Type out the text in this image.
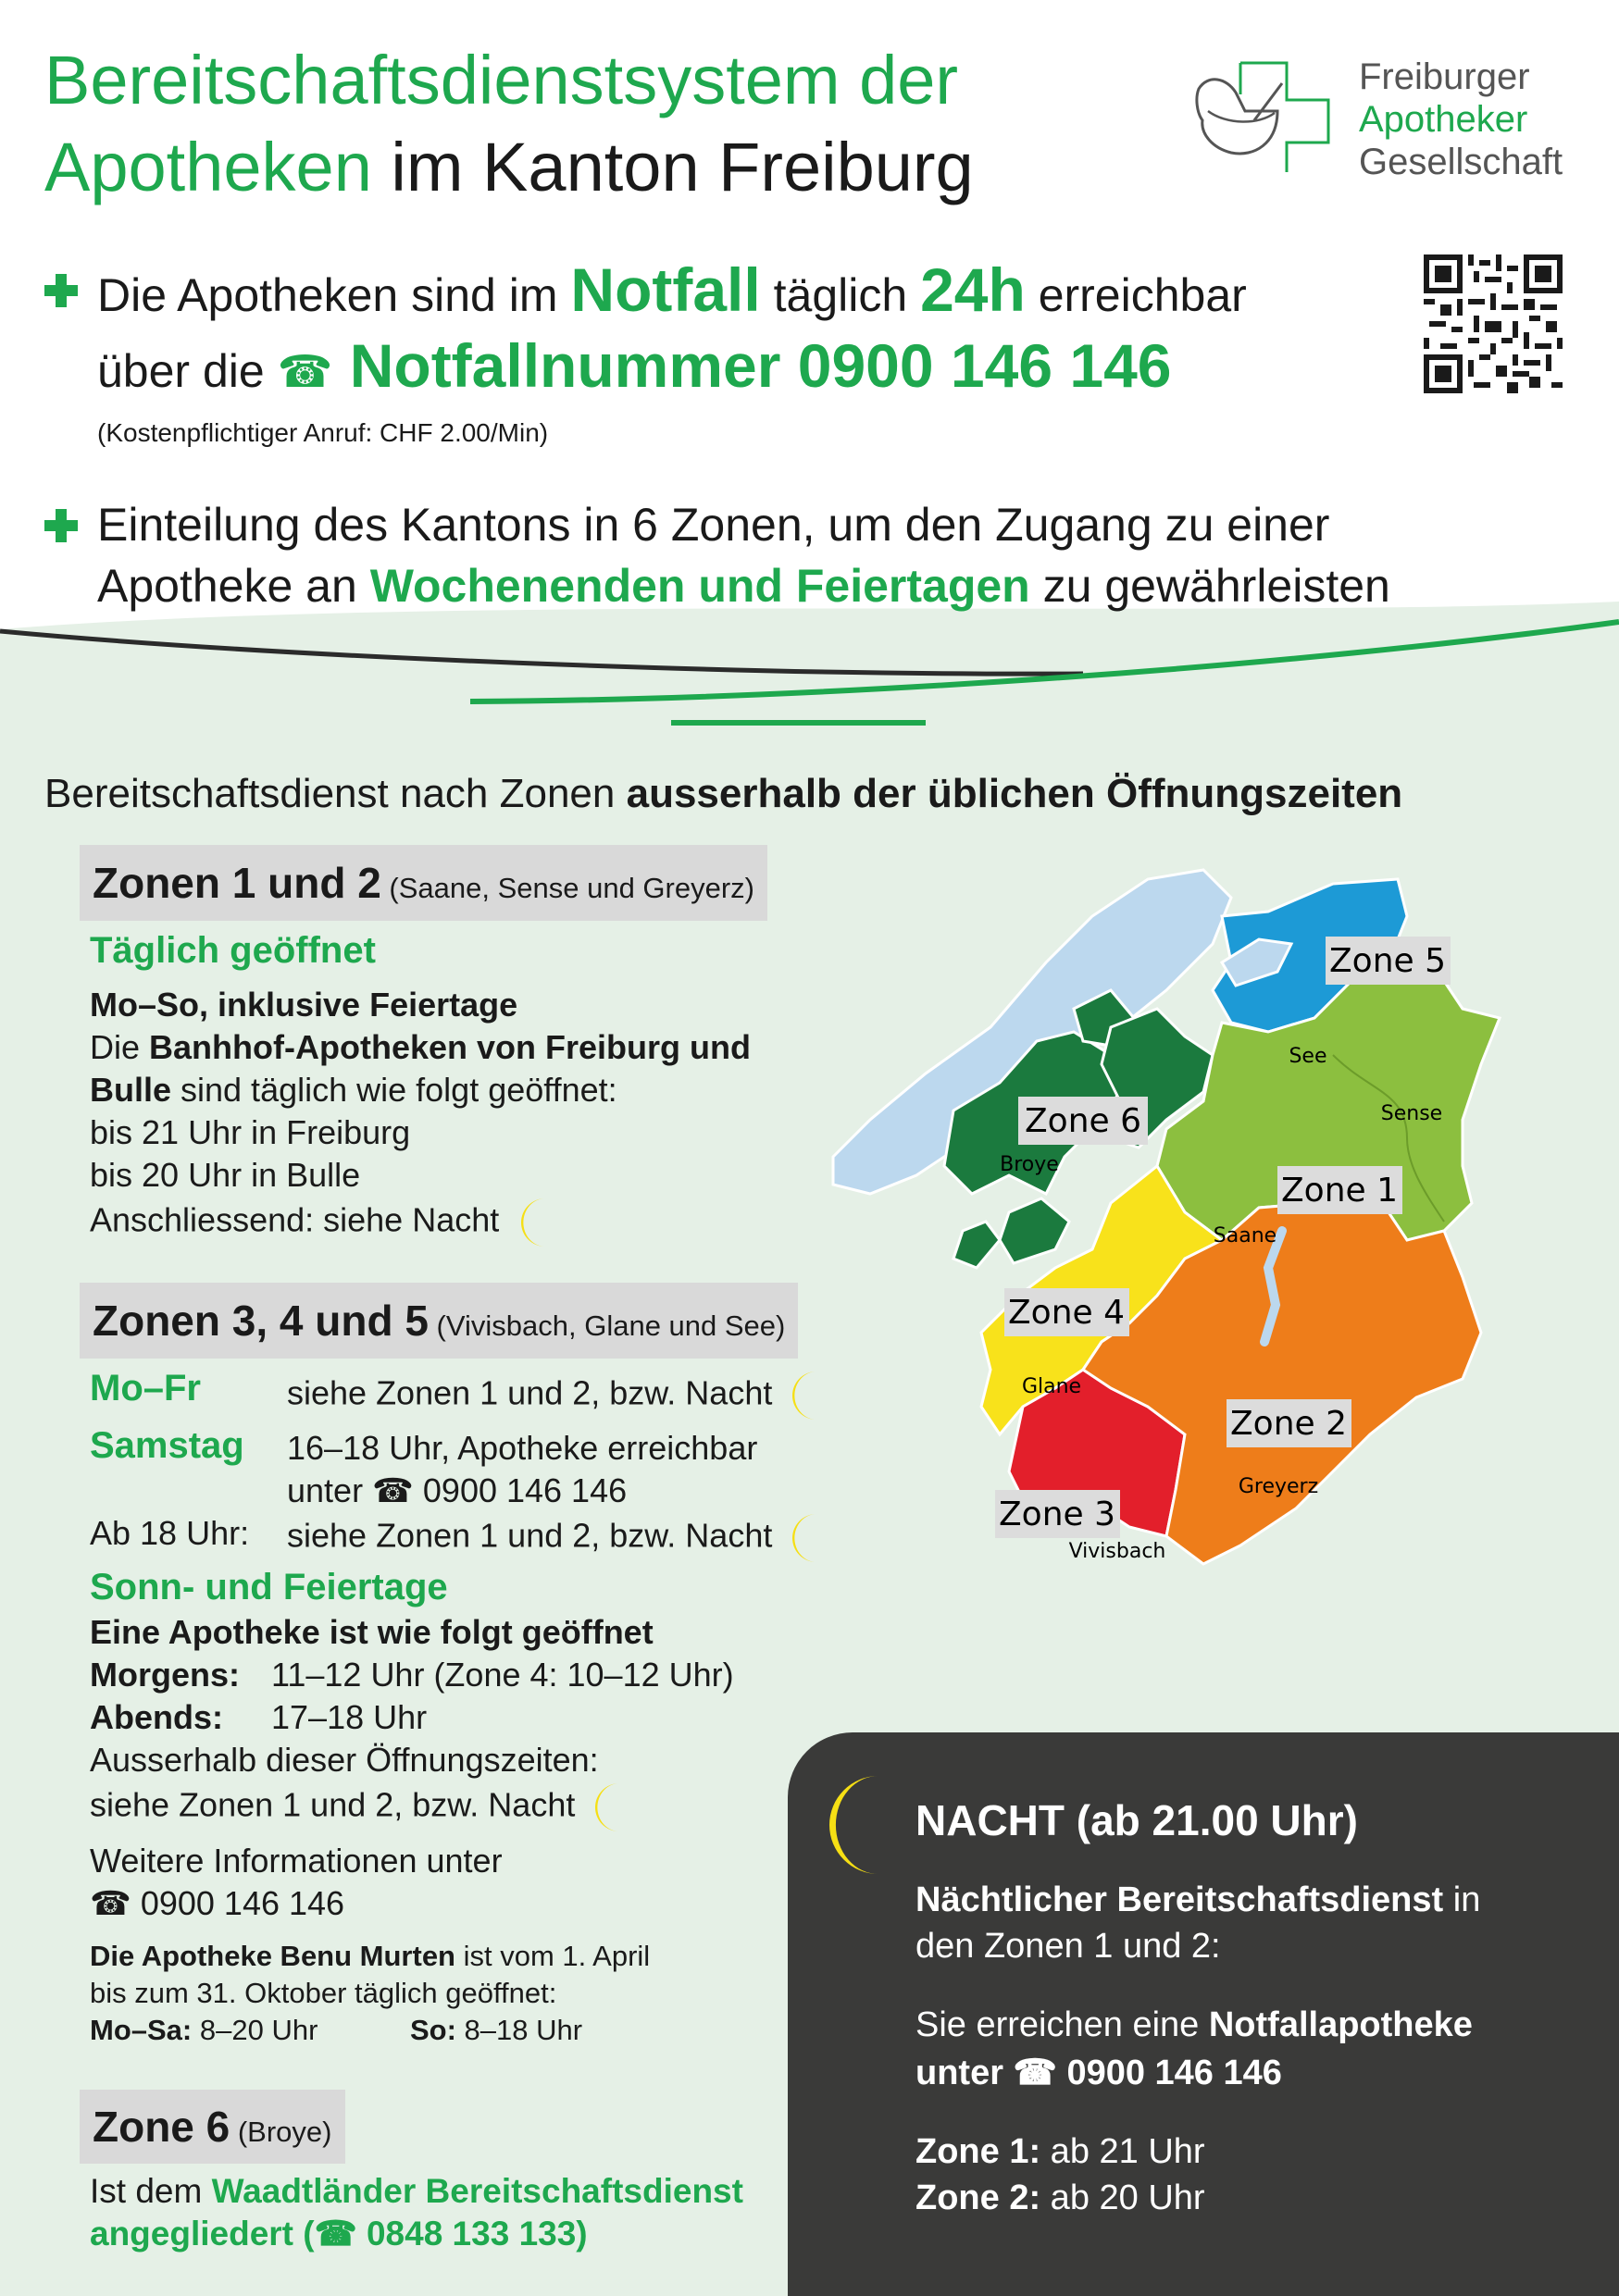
Bereitschaftsdienstsystem der
Apotheken im Kanton Freiburg
Freiburger
Apotheker
Gesellschaft
Die Apotheken sind im Notfall täglich 24h erreichbar
über die ☎ Notfallnummer 0900 146 146
(Kostenpflichtiger Anruf: CHF 2.00/Min)
Einteilung des Kantons in 6 Zonen, um den Zugang zu einer
Apotheke an Wochenenden und Feiertagen zu gewährleisten
Bereitschaftsdienst nach Zonen ausserhalb der üblichen Öffnungszeiten
Zonen 1 und 2 (Saane, Sense und Greyerz)
Täglich geöffnet
Mo–So, inklusive Feiertage
Die Banhhof-Apotheken von Freiburg und
Bulle sind täglich wie folgt geöffnet:
bis 21 Uhr in Freiburg
bis 20 Uhr in Bulle
Anschliessend: siehe Nacht
Zonen 3, 4 und 5 (Vivisbach, Glane und See)
Mo–Fr	siehe Zonen 1 und 2, bzw. Nacht
Samstag 16–18 Uhr, Apotheke erreichbar
unter ☎ 0900 146 146
Ab 18 Uhr: siehe Zonen 1 und 2, bzw. Nacht
Sonn- und Feiertage
Eine Apotheke ist wie folgt geöffnet
Morgens: 11–12 Uhr (Zone 4: 10–12 Uhr)
Abends: 17–18 Uhr
Ausserhalb dieser Öffnungszeiten:
siehe Zonen 1 und 2, bzw. Nacht
Weitere Informationen unter
☎ 0900 146 146
Die Apotheke Benu Murten ist vom 1. April
bis zum 31. Oktober täglich geöffnet:
Mo–Sa: 8–20 Uhr	So: 8–18 Uhr
Zone 6 (Broye)
Ist dem Waadtländer Bereitschaftsdienst
angegliedert (☎ 0848 133 133)
Zone 5
See
Zone 6
Broye
Zone 1
Saane
Sense
Zone 4
Glane
Zone 2
Greyerz
Zone 3
Vivisbach
NACHT (ab 21.00 Uhr)
Nächtlicher Bereitschaftsdienst in
den Zonen 1 und 2:
Sie erreichen eine Notfallapotheke
unter ☎ 0900 146 146
Zone 1: ab 21 Uhr
Zone 2: ab 20 Uhr
